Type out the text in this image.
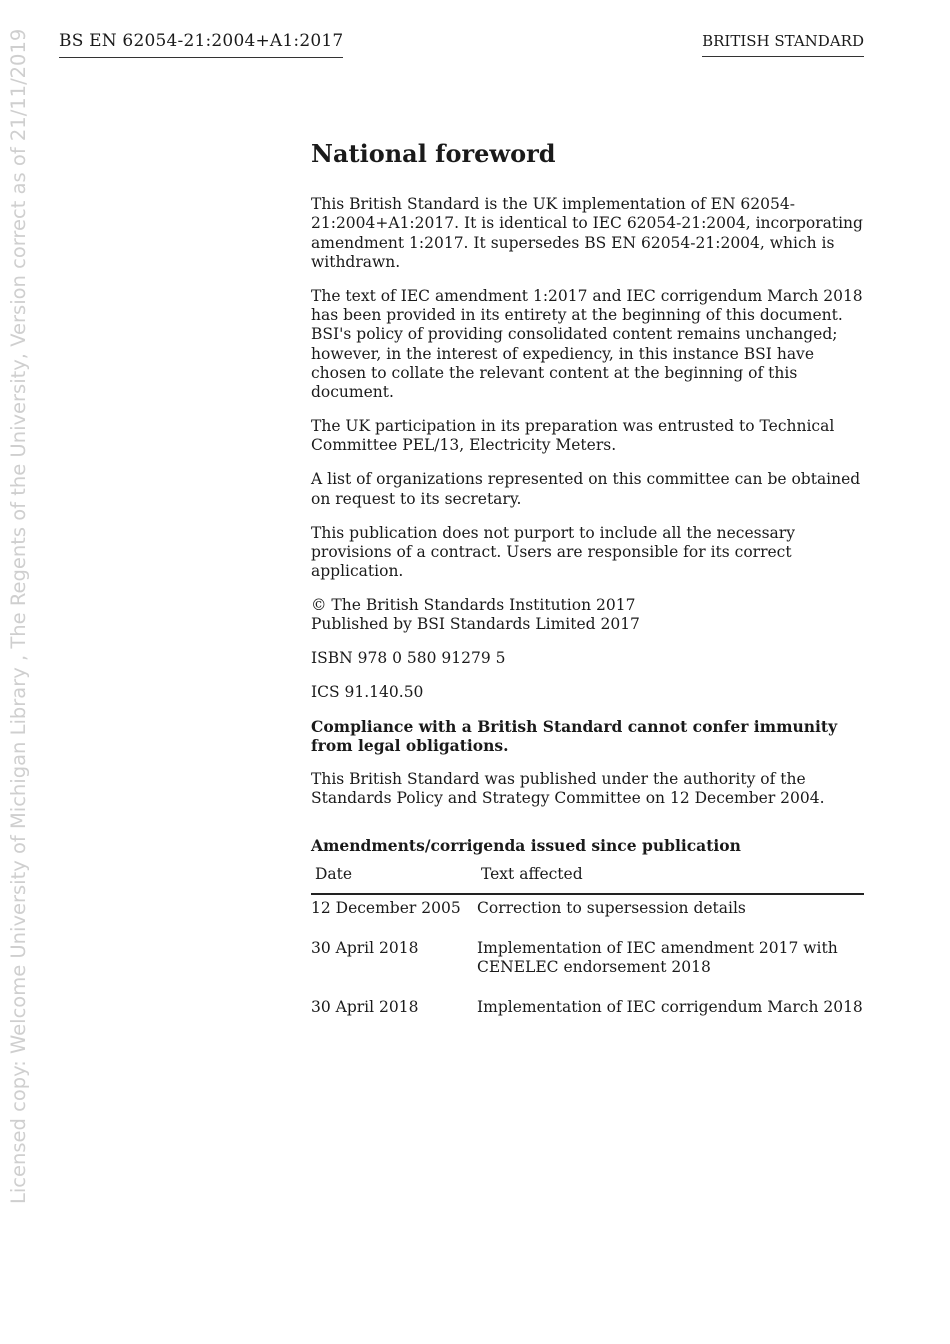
BS EN 62054-21:2004+A1:2017	BRITISH STANDARD
Licensed copy: Welcome University of Michigan Library , The Regents of the University, Version correct as of 21/11/2019	National foreword

This British Standard is the UK implementation of EN 62054-21:2004+A1:2017. It is identical to IEC 62054-21:2004, incorporating amendment 1:2017. It supersedes BS EN 62054-21:2004, which is withdrawn.

The text of IEC amendment 1:2017 and IEC corrigendum March 2018 has been provided in its entirety at the beginning of this document. BSI's policy of providing consolidated content remains unchanged; however, in the interest of expediency, in this instance BSI have chosen to collate the relevant content at the beginning of this document.

The UK participation in its preparation was entrusted to Technical Committee PEL/13, Electricity Meters.

A list of organizations represented on this committee can be obtained on request to its secretary.

This publication does not purport to include all the necessary provisions of a contract. Users are responsible for its correct application.

© The British Standards Institution 2017
Published by BSI Standards Limited 2017

ISBN 978 0 580 91279 5

ICS 91.140.50

Compliance with a British Standard cannot confer immunity from legal obligations.

This British Standard was published under the authority of the Standards Policy and Strategy Committee on 12 December 2004.

Amendments/corrigenda issued since publication
Date	Text affected
12 December 2005	Correction to supersession details
30 April 2018	Implementation of IEC amendment 2017 with CENELEC endorsement 2018
30 April 2018	Implementation of IEC corrigendum March 2018
